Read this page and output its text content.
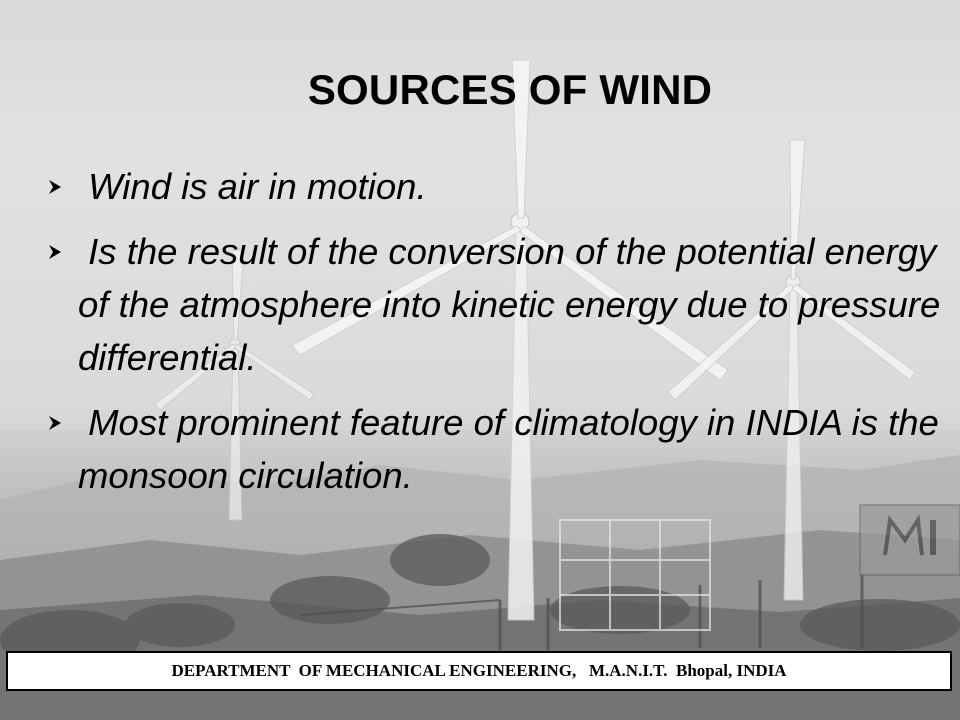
SOURCES OF WIND
Wind is air in motion.
Is the result of the conversion of the potential energy of the atmosphere into kinetic energy due to pressure differential.
Most prominent feature of climatology in INDIA is the monsoon circulation.
DEPARTMENT  OF MECHANICAL ENGINEERING,   M.A.N.I.T.  Bhopal, INDIA
